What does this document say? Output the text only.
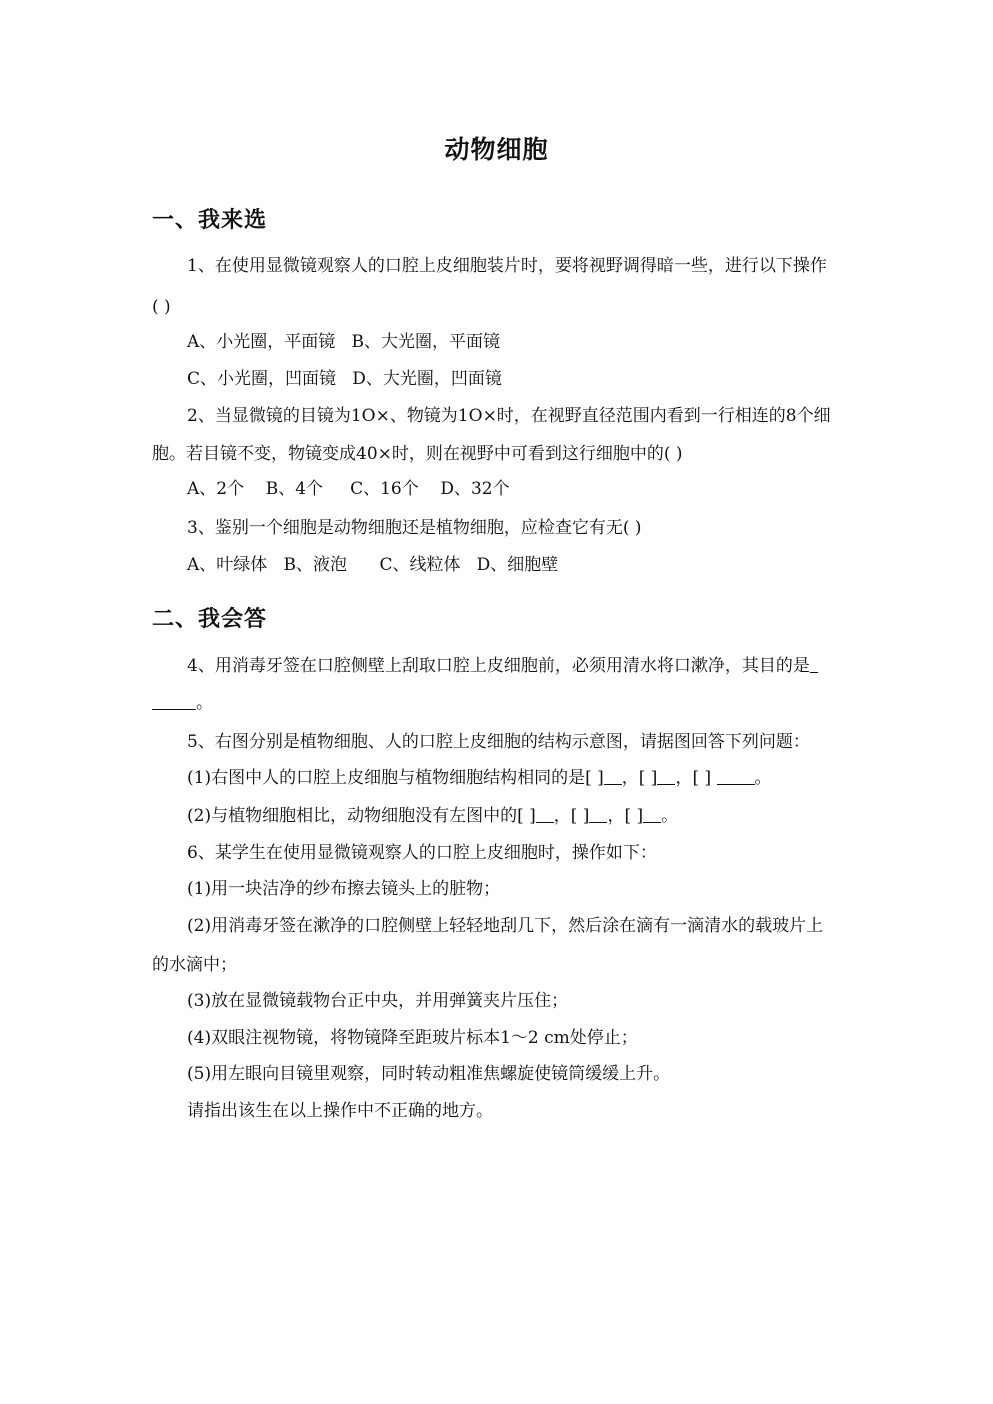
动物细胞
一、我来选
1、在使用显微镜观察人的口腔上皮细胞装片时，要将视野调得暗一些，进行以下操作
( )
A、小光圈，平面镜 B、大光圈，平面镜
C、小光圈，凹面镜 D、大光圈，凹面镜
2、当显微镜的目镜为1O×、物镜为1O×时，在视野直径范围内看到一行相连的8个细
胞。若目镜不变，物镜变成40×时，则在视野中可看到这行细胞中的( )
A、2个 B、4个 C、16个 D、32个
3、鉴别一个细胞是动物细胞还是植物细胞，应检查它有无( )
A、叶绿体 B、液泡 C、线粒体 D、细胞壁
二、我会答
4、用消毒牙签在口腔侧壁上刮取口腔上皮细胞前，必须用清水将口漱净，其目的是
。
5、右图分别是植物细胞、人的口腔上皮细胞的结构示意图，请据图回答下列问题：
(1)右图中人的口腔上皮细胞与植物细胞结构相同的是[ ] ，[ ] ，[ ]	。
(2)与植物细胞相比，动物细胞没有左图中的[ ] ，[ ] ，[ ] 。
6、某学生在使用显微镜观察人的口腔上皮细胞时，操作如下：
(1)用一块洁净的纱布擦去镜头上的脏物；
(2)用消毒牙签在漱净的口腔侧壁上轻轻地刮几下，然后涂在滴有一滴清水的载玻片上
的水滴中；
(3)放在显微镜载物台正中央，并用弹簧夹片压住；
(4)双眼注视物镜，将物镜降至距玻片标本1～2 cm处停止；
(5)用左眼向目镜里观察，同时转动粗准焦螺旋使镜筒缓缓上升。
请指出该生在以上操作中不正确的地方。
